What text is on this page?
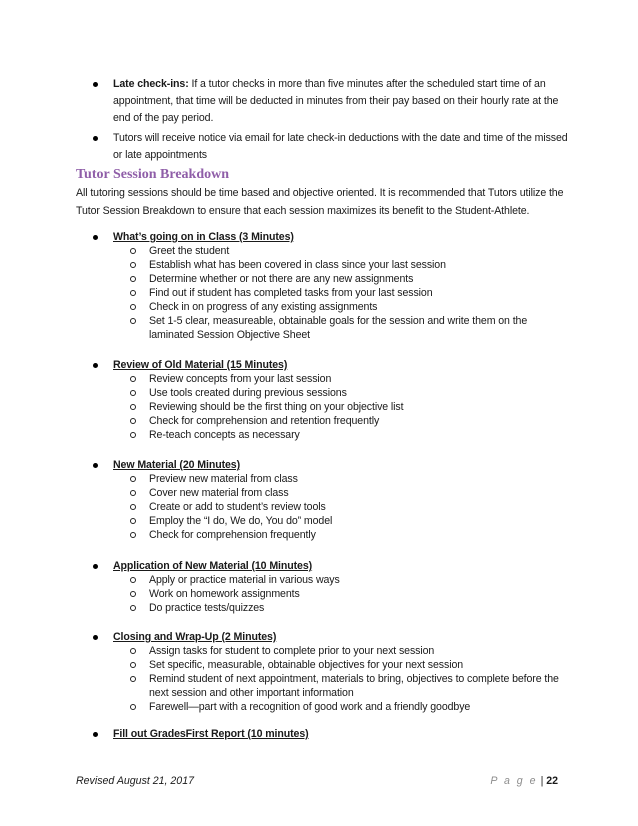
Late check-ins: If a tutor checks in more than five minutes after the scheduled start time of an appointment, that time will be deducted in minutes from their pay based on their hourly rate at the end of the pay period.
Tutors will receive notice via email for late check-in deductions with the date and time of the missed or late appointments
Tutor Session Breakdown

All tutoring sessions should be time based and objective oriented. It is recommended that Tutors utilize the Tutor Session Breakdown to ensure that each session maximizes its benefit to the Student-Athlete.

What’s going on in Class (3 Minutes)
Greet the student
Establish what has been covered in class since your last session
Determine whether or not there are any new assignments
Find out if student has completed tasks from your last session
Check in on progress of any existing assignments
Set 1-5 clear, measureable, obtainable goals for the session and write them on the laminated Session Objective Sheet
Review of Old Material (15 Minutes)
Review concepts from your last session
Use tools created during previous sessions
Reviewing should be the first thing on your objective list
Check for comprehension and retention frequently
Re-teach concepts as necessary
New Material (20 Minutes)
Preview new material from class
Cover new material from class
Create or add to student’s review tools
Employ the “I do, We do, You do” model
Check for comprehension frequently
Application of New Material (10 Minutes)
Apply or practice material in various ways
Work on homework assignments
Do practice tests/quizzes
Closing and Wrap-Up (2 Minutes)
Assign tasks for student to complete prior to your next session
Set specific, measurable, obtainable objectives for your next session
Remind student of next appointment, materials to bring, objectives to complete before the next session and other important information
Farewell—part with a recognition of good work and a friendly goodbye
Fill out GradesFirst Report (10 minutes)
Revised August 21, 2017	P a g e | 22
